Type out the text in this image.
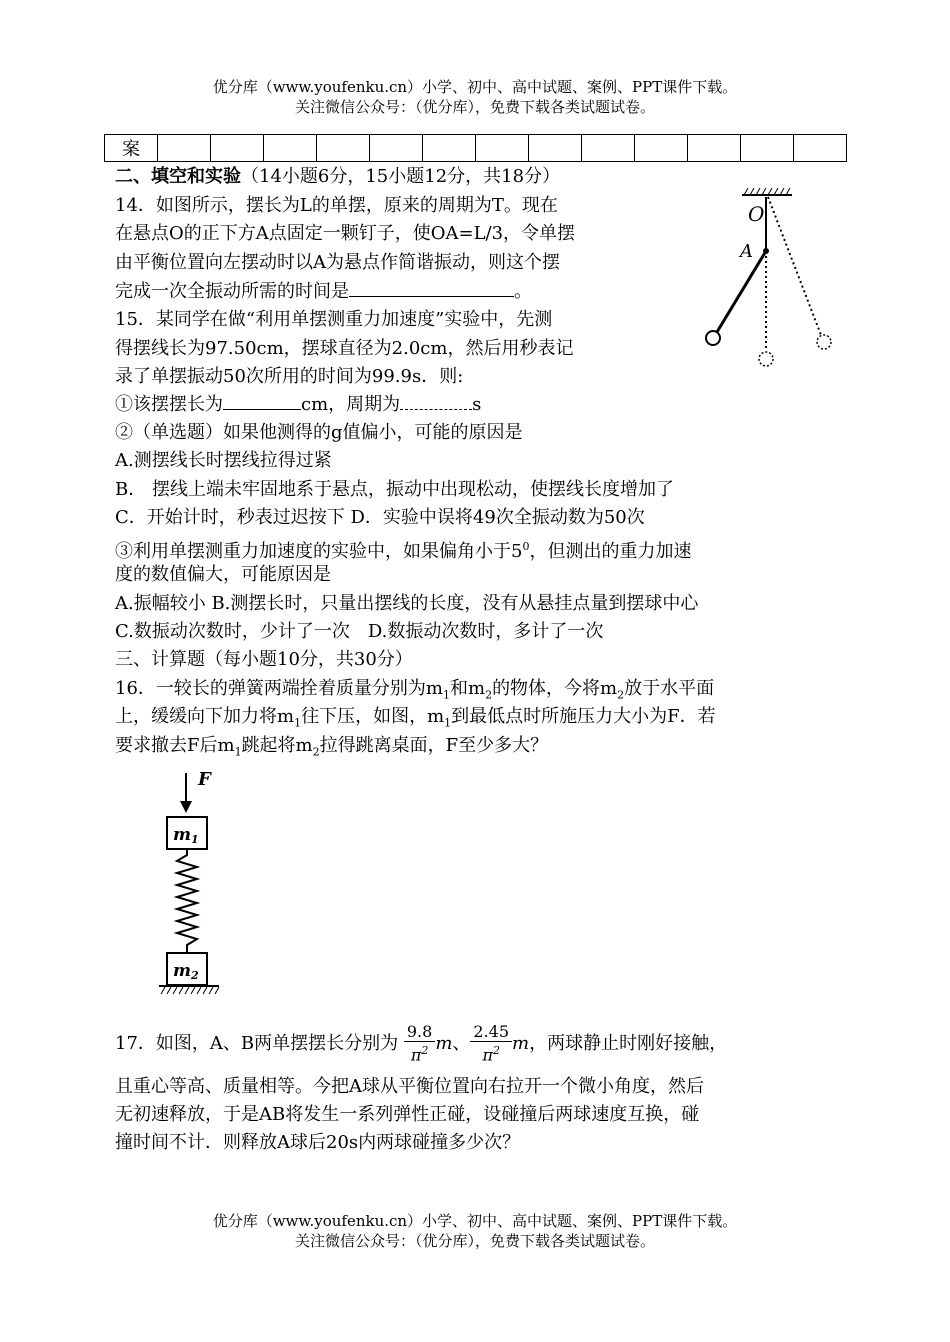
优分库（www.youfenku.cn）小学、初中、高中试题、案例、PPT课件下载。
关注微信公众号：（优分库），免费下载各类试题试卷。
案													
二、填空和实验（14小题6分，15小题12分，共18分）
14．如图所示，摆长为L的单摆，原来的周期为T。现在
在悬点O的正下方A点固定一颗钉子，使OA=L/3，令单摆
由平衡位置向左摆动时以A为悬点作简谐振动，则这个摆
完成一次全振动所需的时间是	。
O
A
15．某同学在做“利用单摆测重力加速度”实验中，先测
得摆线长为97.50cm，摆球直径为2.0cm，然后用秒表记
录了单摆振动50次所用的时间为99.9s．则:
①该摆摆长为	cm，周期为	s
②（单选题）如果他测得的g值偏小，可能的原因是
A.测摆线长时摆线拉得过紧
B． 摆线上端未牢固地系于悬点，振动中出现松动，使摆线长度增加了
C．开始计时，秒表过迟按下 D．实验中误将49次全振动数为50次
③利用单摆测重力加速度的实验中，如果偏角小于$5^0$，但测出的重力加速
度的数值偏大，可能原因是
A.振幅较小 B.测摆长时，只量出摆线的长度，没有从悬挂点量到摆球中心
C.数振动次数时，少计了一次　D.数振动次数时，多计了一次
三、计算题（每小题10分，共30分）
16．一较长的弹簧两端拴着质量分别为$m_1$和$m_2$的物体，今将$m_2$放于水平面
上，缓缓向下加力将$m_1$往下压，如图，$m_1$到最低点时所施压力大小为F．若
要求撤去F后$m_1$跳起将$m_2$拉得跳离桌面，F至少多大？
F
m1
m2
17．如图，A、B两单摆摆长分别为 $\frac{9.8}{\pi^2}$ m、 $\frac{2.45}{\pi^2}$ m，两球静止时刚好接触，
且重心等高、质量相等。今把A球从平衡位置向右拉开一个微小角度，然后
无初速释放，于是AB将发生一系列弹性正碰，设碰撞后两球速度互换，碰
撞时间不计．则释放A球后20s内两球碰撞多少次？
优分库（www.youfenku.cn）小学、初中、高中试题、案例、PPT课件下载。
关注微信公众号：（优分库），免费下载各类试题试卷。
